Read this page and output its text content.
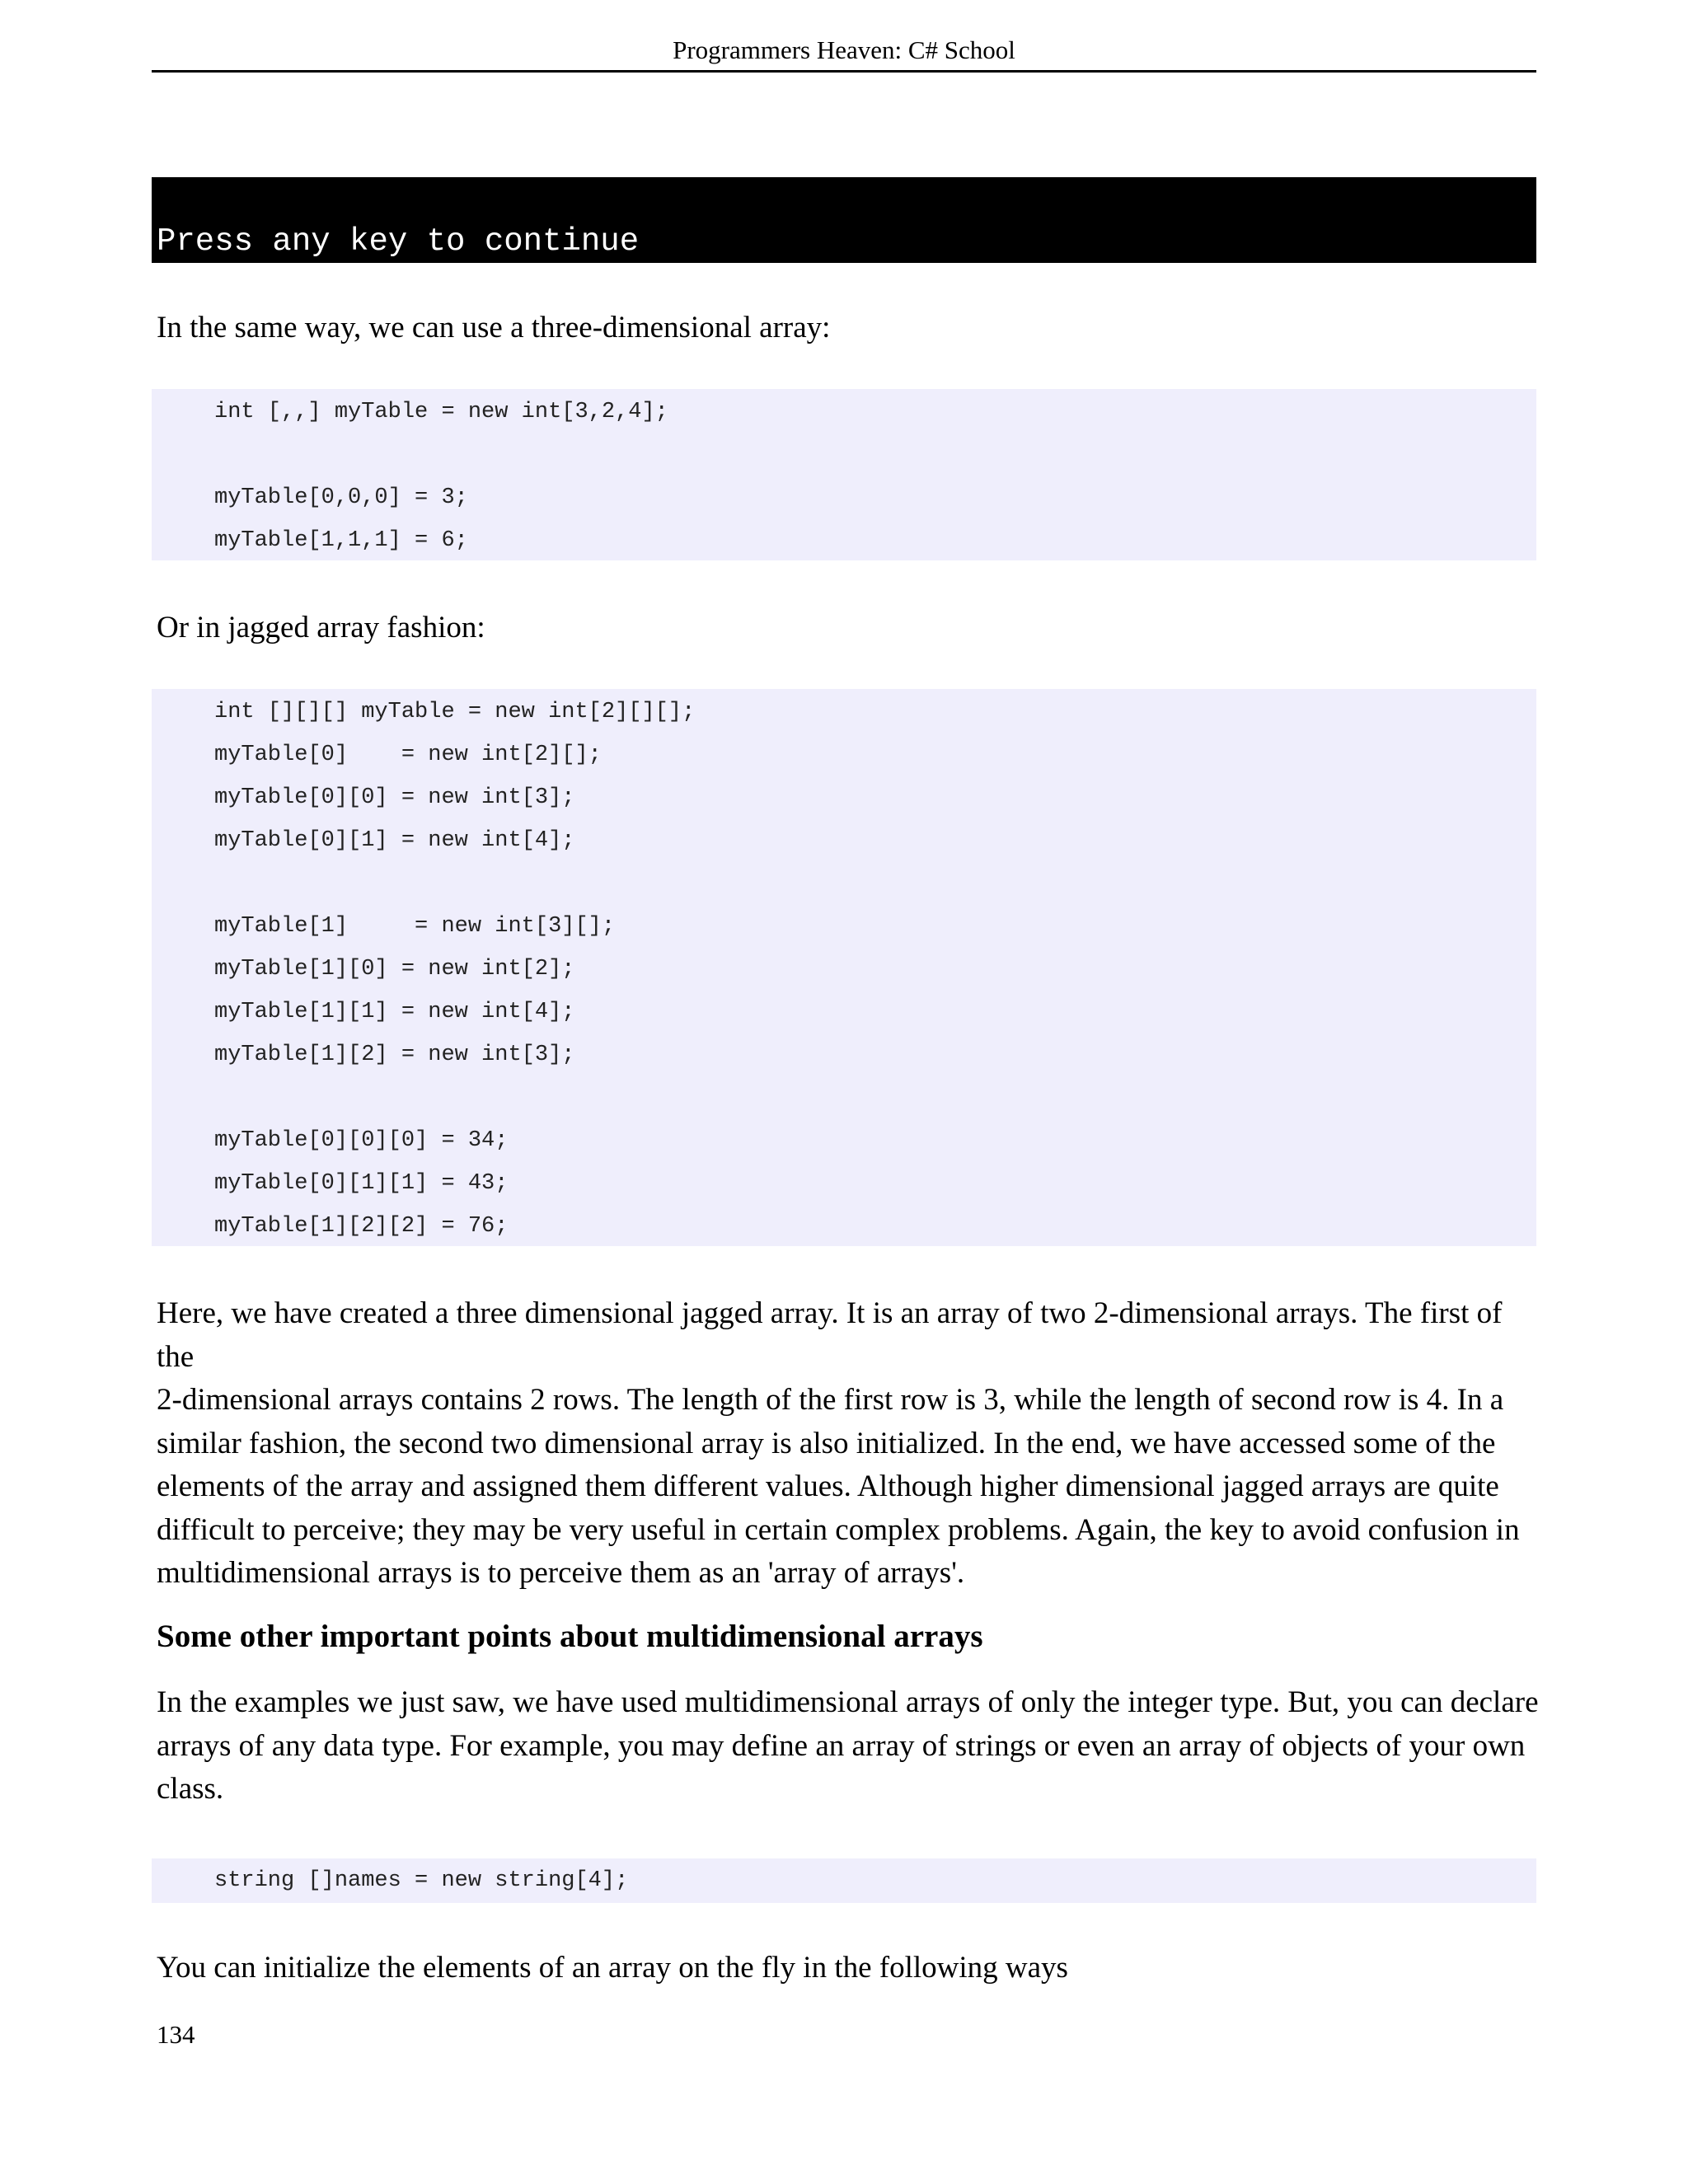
Programmers Heaven: C# School
Press any key to continue
In the same way, we can use a three-dimensional array:
int [,,] myTable = new int[3,2,4];
myTable[0,0,0] = 3;
myTable[1,1,1] = 6;
Or in jagged array fashion:
int [][][] myTable = new int[2][][];
myTable[0]    = new int[2][];
myTable[0][0] = new int[3];
myTable[0][1] = new int[4];
myTable[1]     = new int[3][];
myTable[1][0] = new int[2];
myTable[1][1] = new int[4];
myTable[1][2] = new int[3];
myTable[0][0][0] = 34;
myTable[0][1][1] = 43;
myTable[1][2][2] = 76;
Here, we have created a three dimensional jagged array. It is an array of two 2-dimensional arrays. The first of the
2-dimensional arrays contains 2 rows. The length of the first row is 3, while the length of second row is 4. In a
similar fashion, the second two dimensional array is also initialized. In the end, we have accessed some of the
elements of the array and assigned them different values. Although higher dimensional jagged arrays are quite
difficult to perceive; they may be very useful in certain complex problems. Again, the key to avoid confusion in
multidimensional arrays is to perceive them as an 'array of arrays'.
Some other important points about multidimensional arrays
In the examples we just saw, we have used multidimensional arrays of only the integer type. But, you can declare
arrays of any data type. For example, you may define an array of strings or even an array of objects of your own
class.
string []names = new string[4];
You can initialize the elements of an array on the fly in the following ways
134
